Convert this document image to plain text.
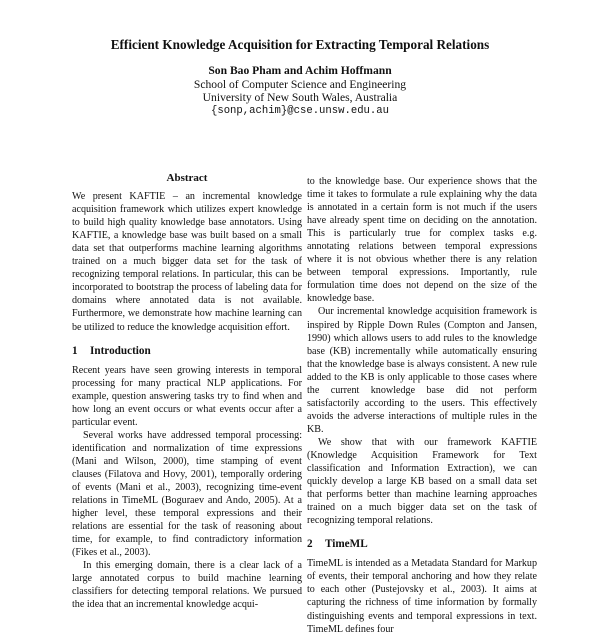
Efficient Knowledge Acquisition for Extracting Temporal Relations
Son Bao Pham and Achim Hoffmann
School of Computer Science and Engineering
University of New South Wales, Australia
{sonp,achim}@cse.unsw.edu.au
Abstract

We present KAFTIE – an incremental knowledge acquisition framework which utilizes expert knowledge to build high quality knowledge base annotators. Using KAFTIE, a knowledge base was built based on a small data set that outperforms machine learning algorithms trained on a much bigger data set for the task of recognizing temporal relations. In particular, this can be incorporated to bootstrap the process of labeling data for domains where annotated data is not available. Furthermore, we demonstrate how machine learning can be utilized to reduce the knowledge acquisition effort.

1 Introduction

Recent years have seen growing interests in temporal processing for many practical NLP applications. For example, question answering tasks try to find when and how long an event occurs or what events occur after a particular event.

Several works have addressed temporal processing: identification and normalization of time expressions (Mani and Wilson, 2000), time stamping of event clauses (Filatova and Hovy, 2001), temporally ordering of events (Mani et al., 2003), recognizing time-event relations in TimeML (Boguraev and Ando, 2005). At a higher level, these temporal expressions and their relations are essential for the task of reasoning about time, for example, to find contradictory information (Fikes et al., 2003).

In this emerging domain, there is a clear lack of a large annotated corpus to build machine learning classifiers for detecting temporal relations. We pursued the idea that an incremental knowledge acqui-

to the knowledge base. Our experience shows that the time it takes to formulate a rule explaining why the data is annotated in a certain form is not much if the users have already spent time on deciding on the annotation. This is particularly true for complex tasks e.g. annotating relations between temporal expressions where it is not obvious whether there is any relation between temporal expressions. Importantly, rule formulation time does not depend on the size of the knowledge base.

Our incremental knowledge acquisition framework is inspired by Ripple Down Rules (Compton and Jansen, 1990) which allows users to add rules to the knowledge base (KB) incrementally while automatically ensuring that the knowledge base is always consistent. A new rule added to the KB is only applicable to those cases where the current knowledge base did not perform satisfactorily according to the users. This effectively avoids the adverse interactions of multiple rules in the KB.

We show that with our framework KAFTIE (Knowledge Acquisition Framework for Text classification and Information Extraction), we can quickly develop a large KB based on a small data set that performs better than machine learning approaches trained on a much bigger data set on the task of recognizing temporal relations.

2 TimeML

TimeML is intended as a Metadata Standard for Markup of events, their temporal anchoring and how they relate to each other (Pustejovsky et al., 2003). It aims at capturing the richness of time information by formally distinguishing events and temporal expressions in text. TimeML defines four
